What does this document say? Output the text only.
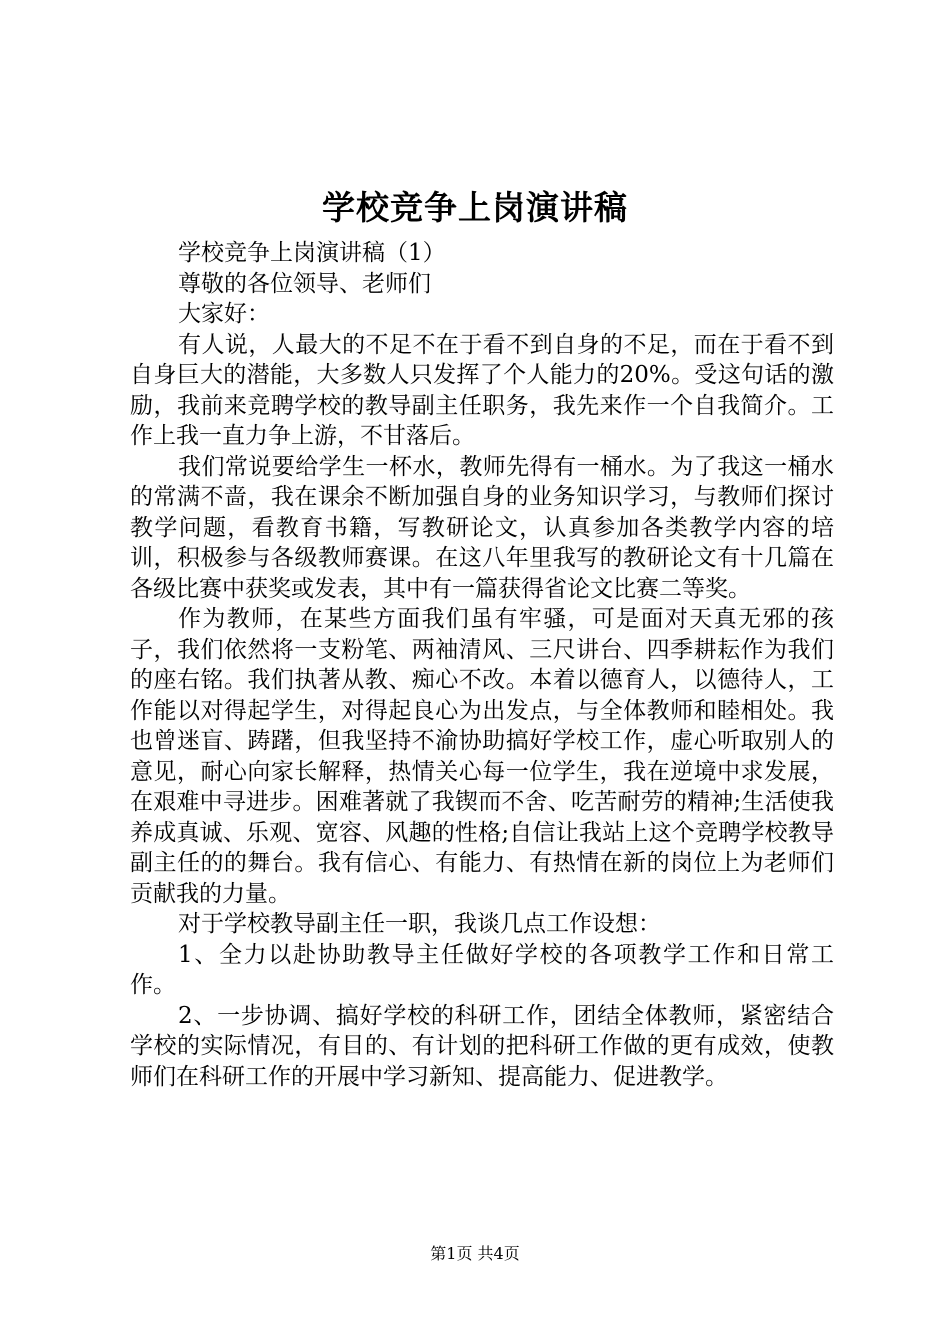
学校竞争上岗演讲稿

学校竞争上岗演讲稿（1）

尊敬的各位领导、老师们

大家好：

有人说，人最大的不足不在于看不到自身的不足，而在于看不到自身巨大的潜能，大多数人只发挥了个人能力的20%。受这句话的激励，我前来竞聘学校的教导副主任职务，我先来作一个自我简介。工作上我一直力争上游，不甘落后。

我们常说要给学生一杯水，教师先得有一桶水。为了我这一桶水的常满不啬，我在课余不断加强自身的业务知识学习，与教师们探讨教学问题，看教育书籍，写教研论文，认真参加各类教学内容的培训，积极参与各级教师赛课。在这八年里我写的教研论文有十几篇在各级比赛中获奖或发表，其中有一篇获得省论文比赛二等奖。

作为教师，在某些方面我们虽有牢骚，可是面对天真无邪的孩子，我们依然将一支粉笔、两袖清风、三尺讲台、四季耕耘作为我们的座右铭。我们执著从教、痴心不改。本着以德育人，以德待人，工作能以对得起学生，对得起良心为出发点，与全体教师和睦相处。我也曾迷盲、踌躇，但我坚持不渝协助搞好学校工作，虚心听取别人的意见，耐心向家长解释，热情关心每一位学生，我在逆境中求发展，在艰难中寻进步。困难著就了我锲而不舍、吃苦耐劳的精神;生活使我养成真诚、乐观、宽容、风趣的性格;自信让我站上这个竞聘学校教导副主任的的舞台。我有信心、有能力、有热情在新的岗位上为老师们贡献我的力量。

对于学校教导副主任一职，我谈几点工作设想：

1、全力以赴协助教导主任做好学校的各项教学工作和日常工作。

2、一步协调、搞好学校的科研工作，团结全体教师，紧密结合学校的实际情况，有目的、有计划的把科研工作做的更有成效，使教师们在科研工作的开展中学习新知、提高能力、促进教学。

第1页 共4页
